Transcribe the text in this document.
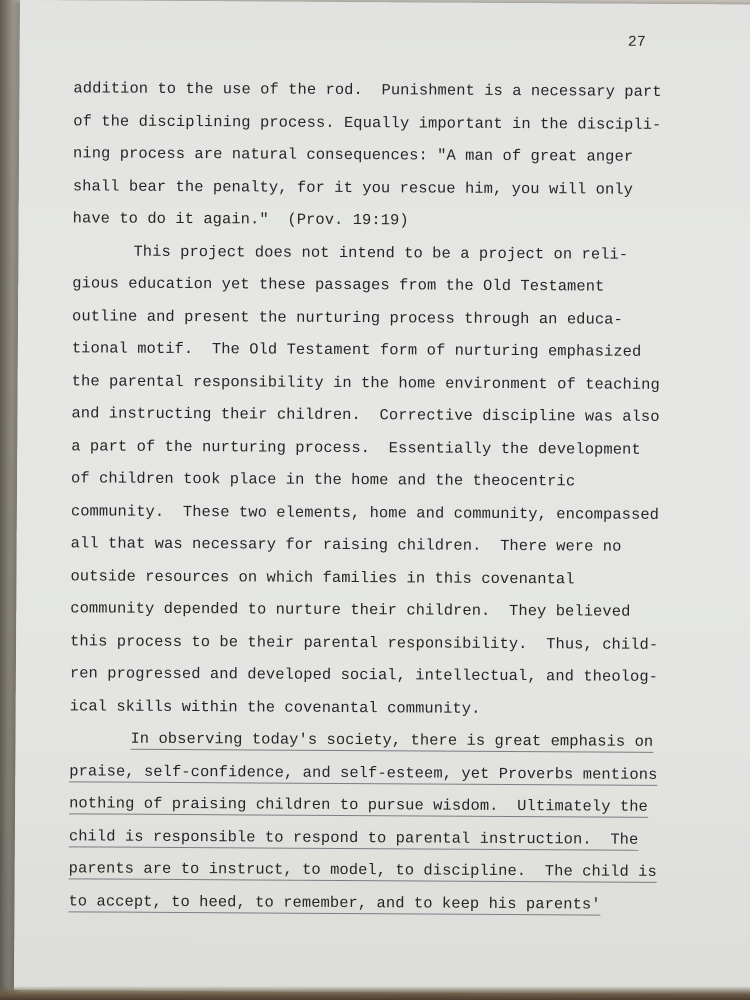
27
addition to the use of the rod.  Punishment is a necessary part
of the disciplining process. Equally important in the discipli-
ning process are natural consequences: "A man of great anger
shall bear the penalty, for it you rescue him, you will only
have to do it again."  (Prov. 19:19)
This project does not intend to be a project on reli-
gious education yet these passages from the Old Testament
outline and present the nurturing process through an educa-
tional motif.  The Old Testament form of nurturing emphasized
the parental responsibility in the home environment of teaching
and instructing their children.  Corrective discipline was also
a part of the nurturing process.  Essentially the development
of children took place in the home and the theocentric
community.  These two elements, home and community, encompassed
all that was necessary for raising children.  There were no
outside resources on which families in this covenantal
community depended to nurture their children.  They believed
this process to be their parental responsibility.  Thus, child-
ren progressed and developed social, intellectual, and theolog-
ical skills within the covenantal community.
In observing today's society, there is great emphasis on
praise, self-confidence, and self-esteem, yet Proverbs mentions
nothing of praising children to pursue wisdom.  Ultimately the
child is responsible to respond to parental instruction.  The
parents are to instruct, to model, to discipline.  The child is
to accept, to heed, to remember, and to keep his parents'
